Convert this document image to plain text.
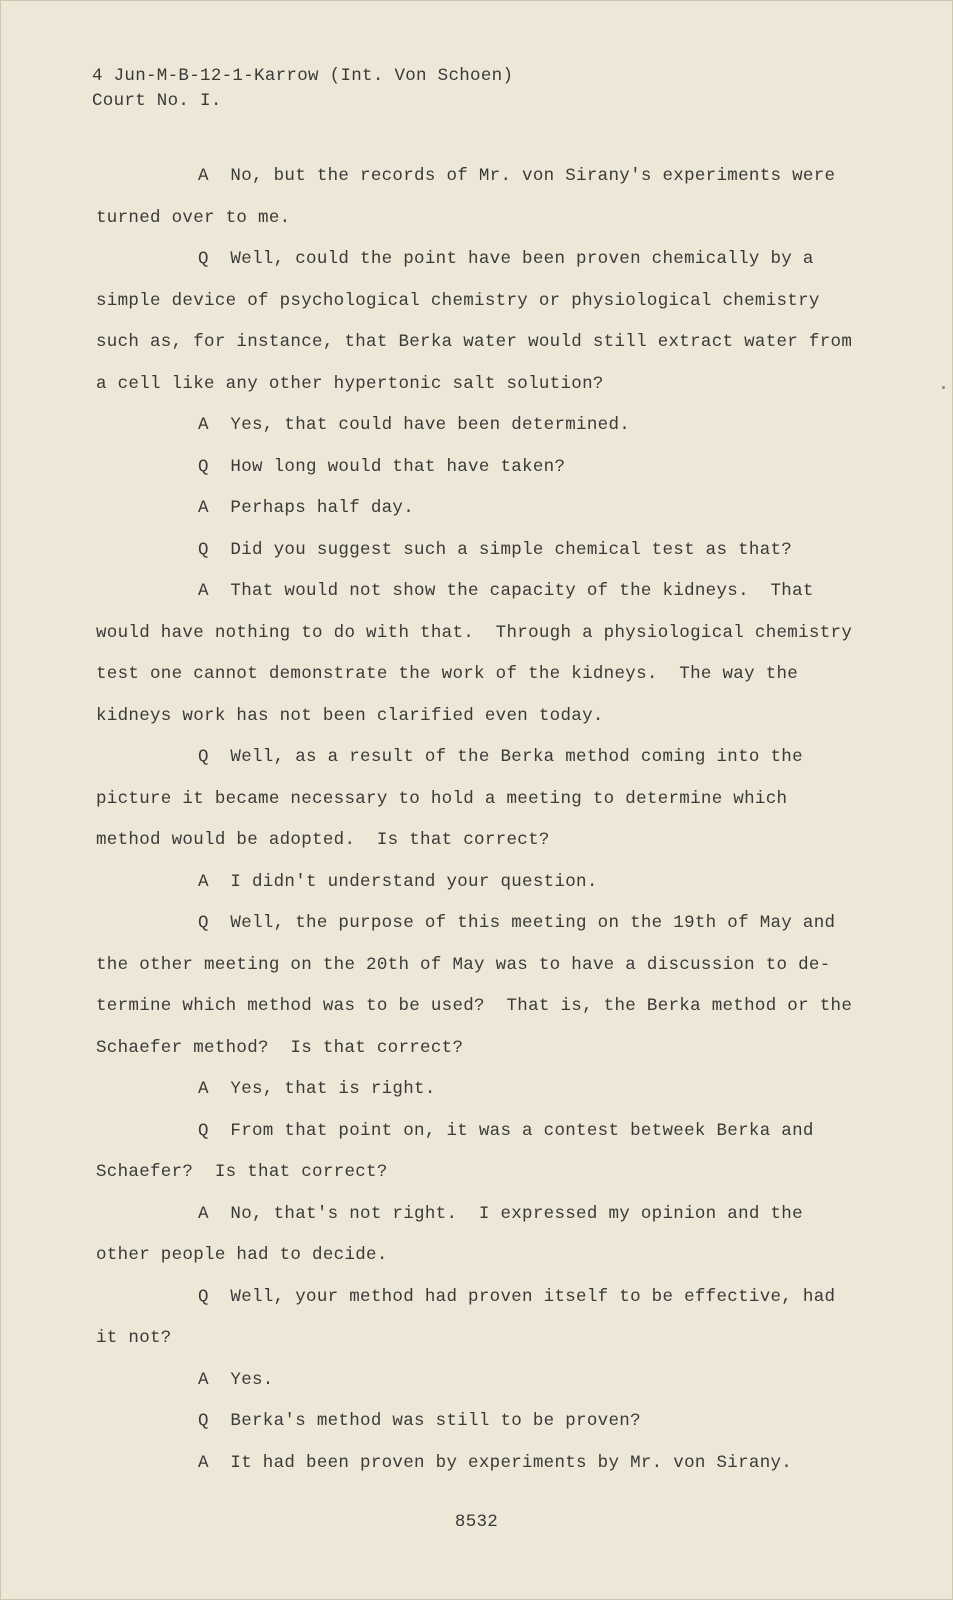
4 Jun-M-B-12-1-Karrow (Int. Von Schoen)
Court No. I.
A  No, but the records of Mr. von Sirany's experiments were
turned over to me.
Q  Well, could the point have been proven chemically by a
simple device of psychological chemistry or physiological chemistry
such as, for instance, that Berka water would still extract water from
a cell like any other hypertonic salt solution?
A  Yes, that could have been determined.
Q  How long would that have taken?
A  Perhaps half day.
Q  Did you suggest such a simple chemical test as that?
A  That would not show the capacity of the kidneys.  That
would have nothing to do with that.  Through a physiological chemistry
test one cannot demonstrate the work of the kidneys.  The way the
kidneys work has not been clarified even today.
Q  Well, as a result of the Berka method coming into the
picture it became necessary to hold a meeting to determine which
method would be adopted.  Is that correct?
A  I didn't understand your question.
Q  Well, the purpose of this meeting on the 19th of May and
the other meeting on the 20th of May was to have a discussion to de-
termine which method was to be used?  That is, the Berka method or the
Schaefer method?  Is that correct?
A  Yes, that is right.
Q  From that point on, it was a contest betweek Berka and
Schaefer?  Is that correct?
A  No, that's not right.  I expressed my opinion and the
other people had to decide.
Q  Well, your method had proven itself to be effective, had
it not?
A  Yes.
Q  Berka's method was still to be proven?
A  It had been proven by experiments by Mr. von Sirany.
8532
